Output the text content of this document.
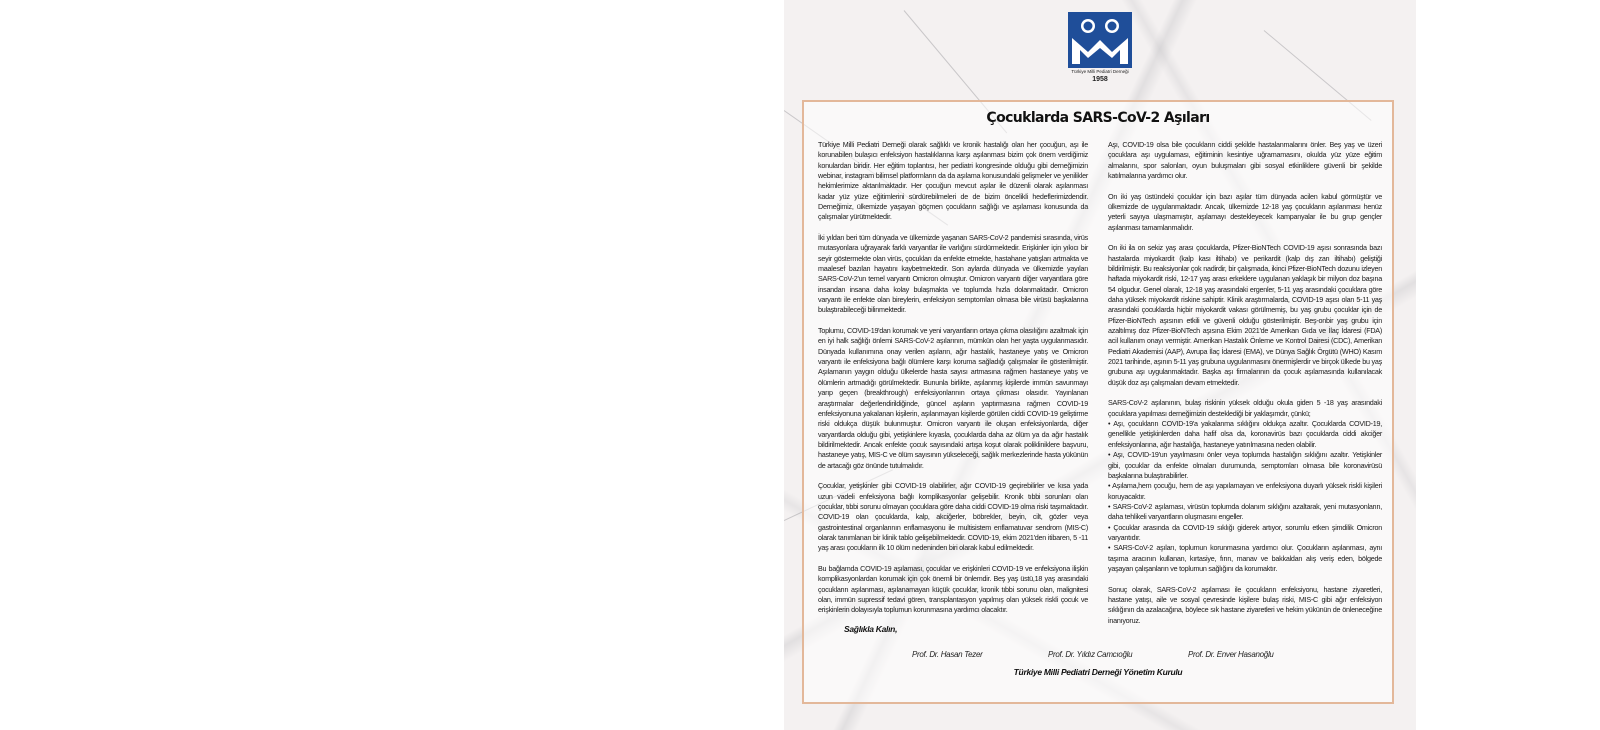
Türkiye Milli Pediatri Derneği
1958
Çocuklarda SARS-CoV-2 Aşıları

Türkiye Milli Pediatri Derneği olarak sağlıklı ve kronik hastalığı olan her çocuğun, aşı ile korunabilen bulaşıcı enfeksiyon hastalıklarına karşı aşılanması bizim çok önem verdiğimiz konulardan biridir. Her eğitim toplantısı, her pediatri kongresinde olduğu gibi derneğimizin webinar, instagram bilimsel platformların da da aşılama konusundaki gelişmeler ve yenilikler hekimlerimize aktarılmaktadır. Her çocuğun mevcut aşılar ile düzenli olarak aşılanması kadar yüz yüze eğitimlerini sürdürebilmeleri de de bizim öncelikli hedeflerimizdendir. Derneğimiz, ülkemizde yaşayan göçmen çocukların sağlığı ve aşılaması konusunda da çalışmalar yürütmektedir.

İki yıldan beri tüm dünyada ve ülkemizde yaşanan SARS-CoV-2 pandemisi sırasında, virüs mutasyonlara uğrayarak farklı varyantlar ile varlığını sürdürmektedir. Erişkinler için yıkıcı bir seyir göstermekte olan virüs, çocukları da enfekte etmekte, hastahane yatışları artmakta ve maalesef bazıları hayatını kaybetmektedir. Son aylarda dünyada ve ülkemizde yayılan SARS-CoV-2'un temel varyantı Omicron olmuştur. Omicron varyantı diğer varyantlara göre insandan insana daha kolay bulaşmakta ve toplumda hızla dolanmaktadır. Omicron varyantı ile enfekte olan bireylerin, enfeksiyon semptomları olmasa bile virüsü başkalarına bulaştırabileceği bilinmektedir.

Toplumu, COVID-19'dan korumak ve yeni varyantların ortaya çıkma olasılığını azaltmak için en iyi halk sağlığı önlemi SARS-CoV-2 aşılarının, mümkün olan her yaşta uygulanmasıdır. Dünyada kullanımına onay verilen aşıların, ağır hastalık, hastaneye yatış ve Omicron varyantı ile enfeksiyona bağlı ölümlere karşı koruma sağladığı çalışmalar ile gösterilmiştir. Aşılamanın yaygın olduğu ülkelerde hasta sayısı artmasına rağmen hastaneye yatış ve ölümlerin artmadığı görülmektedir. Bununla birlikte, aşılanmış kişilerde immün savunmayı yarıp geçen (breakthrough) enfeksiyonlarının ortaya çıkması olasıdır. Yayınlanan araştırmalar değerlendirildiğinde, güncel aşıların yaptırmasına rağmen COVID-19 enfeksiyonuna yakalanan kişilerin, aşılanmayan kişilerde görülen ciddi COVID-19 geliştirme riski oldukça düşük bulunmuştur. Omicron varyantı ile oluşan enfeksiyonlarda, diğer varyantlarda olduğu gibi, yetişkinlere kıyasla, çocuklarda daha az ölüm ya da ağır hastalık bildirilmektedir. Ancak enfekte çocuk sayısındaki artışa koşut olarak polikliniklere başvuru, hastaneye yatış, MIS-C ve ölüm sayısının yükseleceği, sağlık merkezlerinde hasta yükünün de artacağı göz önünde tutulmalıdır.

Çocuklar, yetişkinler gibi COVID-19 olabilirler, ağır COVID-19 geçirebilirler ve kısa yada uzun vadeli enfeksiyona bağlı komplikasyonlar gelişebilir. Kronik tıbbi sorunları olan çocuklar, tıbbi sorunu olmayan çocuklara göre daha ciddi COVID-19 olma riski taşımaktadır. COVID-19 olan çocuklarda, kalp, akciğerler, böbrekler, beyin, cilt, gözler veya gastrointestinal organlarının enflamasyonu ile multisistem enflamatuvar sendrom (MIS-C) olarak tanımlanan bir klinik tablo gelişebilmektedir. COVID-19, ekim 2021'den itibaren, 5 -11 yaş arası çocukların ilk 10 ölüm nedeninden biri olarak kabul edilmektedir.

Bu bağlamda COVID-19 aşılaması, çocuklar ve erişkinleri COVID-19 ve enfeksiyona ilişkin komplikasyonlardan korumak için çok önemli bir önlemdir. Beş yaş üstü,18 yaş arasındaki çocukların aşılanması, aşılanamayan küçük çocuklar, kronik tıbbi sorunu olan, malignitesi olan, immün supressif tedavi gören, transplantasyon yapılmış olan yüksek riskli çocuk ve erişkinlerin dolayısıyla toplumun korunmasına yardımcı olacaktır.

Aşı, COVID-19 olsa bile çocukların ciddi şekilde hastalanmalarını önler. Beş yaş ve üzeri çocuklara aşı uygulaması, eğitiminin kesintiye uğramamasını, okulda yüz yüze eğitim almalarını, spor salonları, oyun buluşmaları gibi sosyal etkinliklere güvenli bir şekilde katılmalarına yardımcı olur.

On iki yaş üstündeki çocuklar için bazı aşılar tüm dünyada acilen kabul görmüştür ve ülkemizde de uygulanmaktadır. Ancak, ülkemizde 12-18 yaş çocukların aşılanması henüz yeterli sayıya ulaşmamıştır, aşılamayı destekleyecek kampanyalar ile bu grup gençler aşılanması tamamlanmalıdır.

On iki ila on sekiz yaş arası çocuklarda, Pfizer-BioNTech COVID-19 aşısı sonrasında bazı hastalarda miyokardit (kalp kası iltihabı) ve perikardit (kalp dış zarı iltihabı) geliştiği bildirilmiştir. Bu reaksiyonlar çok nadirdir, bir çalışmada, ikinci Pfizer-BioNTech dozunu izleyen haftada miyokardit riski, 12-17 yaş arası erkeklere uygulanan yaklaşık bir milyon doz başına 54 olgudur. Genel olarak, 12-18 yaş arasındaki ergenler, 5-11 yaş arasındaki çocuklara göre daha yüksek miyokardit riskine sahiptir. Klinik araştırmalarda, COVID-19 aşısı olan 5-11 yaş arasındaki çocuklarda hiçbir miyokardit vakası görülmemiş, bu yaş grubu çocuklar için de Pfizer-BioNTech aşısının etkili ve güvenli olduğu gösterilmiştir. Beş-onbir yaş grubu için azaltılmış doz Pfizer-BioNTech aşısına Ekim 2021'de Amerikan Gıda ve İlaç İdaresi (FDA) acil kullanım onayı vermiştir. Amerikan Hastalık Önleme ve Kontrol Dairesi (CDC), Amerikan Pediatri Akademisi (AAP), Avrupa İlaç İdaresi (EMA), ve Dünya Sağlık Örgütü (WHO) Kasım 2021 tarihinde, aşının 5-11 yaş grubuna uygulanmasını önermişlerdir ve birçok ülkede bu yaş grubuna aşı uygulanmaktadır. Başka aşı firmalarının da çocuk aşılamasında kullanılacak düşük doz aşı çalışmaları devam etmektedir.

SARS-CoV-2 aşılanının, bulaş riskinin yüksek olduğu okula giden 5 -18 yaş arasındaki çocuklara yapılması derneğimizin desteklediği bir yaklaşımdır, çünkü;
• Aşı, çocukların COVID-19'a yakalanma sıklığını oldukça azaltır. Çocuklarda COVID-19, genellikle yetişkinlerden daha hafif olsa da, koronavirüs bazı çocuklarda ciddi akciğer enfeksiyonlarına, ağır hastalığa, hastaneye yatırılmasına neden olabilir.
• Aşı, COVID-19'un yayılmasını önler veya toplumda hastalığın sıklığını azaltır. Yetişkinler gibi, çocuklar da enfekte olmaları durumunda, semptomları olmasa bile koronavirüsü başkalarına bulaştırabilirler.
• Aşılama,hem çocuğu, hem de aşı yapılamayan ve enfeksiyona duyarlı yüksek riskli kişileri koruyacaktır.
• SARS-CoV-2 aşılaması, virüsün toplumda dolanım sıklığını azaltarak, yeni mutasyonların, daha tehlikeli varyantların oluşmasını engeller.
• Çocuklar arasında da COVID-19 sıklığı giderek artıyor, sorumlu etken şimdilik Omicron varyantıdır.
• SARS-CoV-2 aşıları, toplumun korunmasına yardımcı olur. Çocukların aşılanması, aynı taşıma aracının kullanan, kırtasiye, fırın, manav ve bakkaldan alış veriş eden, bölgede yaşayan çalışanların ve toplumun sağlığını da korumaktır.

Sonuç olarak, SARS-CoV-2 aşılaması ile çocukların enfeksiyonu, hastane ziyaretleri, hastane yatışı, aile ve sosyal çevresinde kişilere bulaş riski, MIS-C gibi ağır enfeksiyon sıklığının da azalacağına, böylece sık hastane ziyaretleri ve hekim yükünün de önleneceğine inanıyoruz.

Sağlıkla Kalın,
Prof. Dr. Hasan Tezer	Prof. Dr. Yıldız Camcıoğlu	Prof. Dr. Enver Hasanoğlu
Türkiye Milli Pediatri Derneği Yönetim Kurulu
